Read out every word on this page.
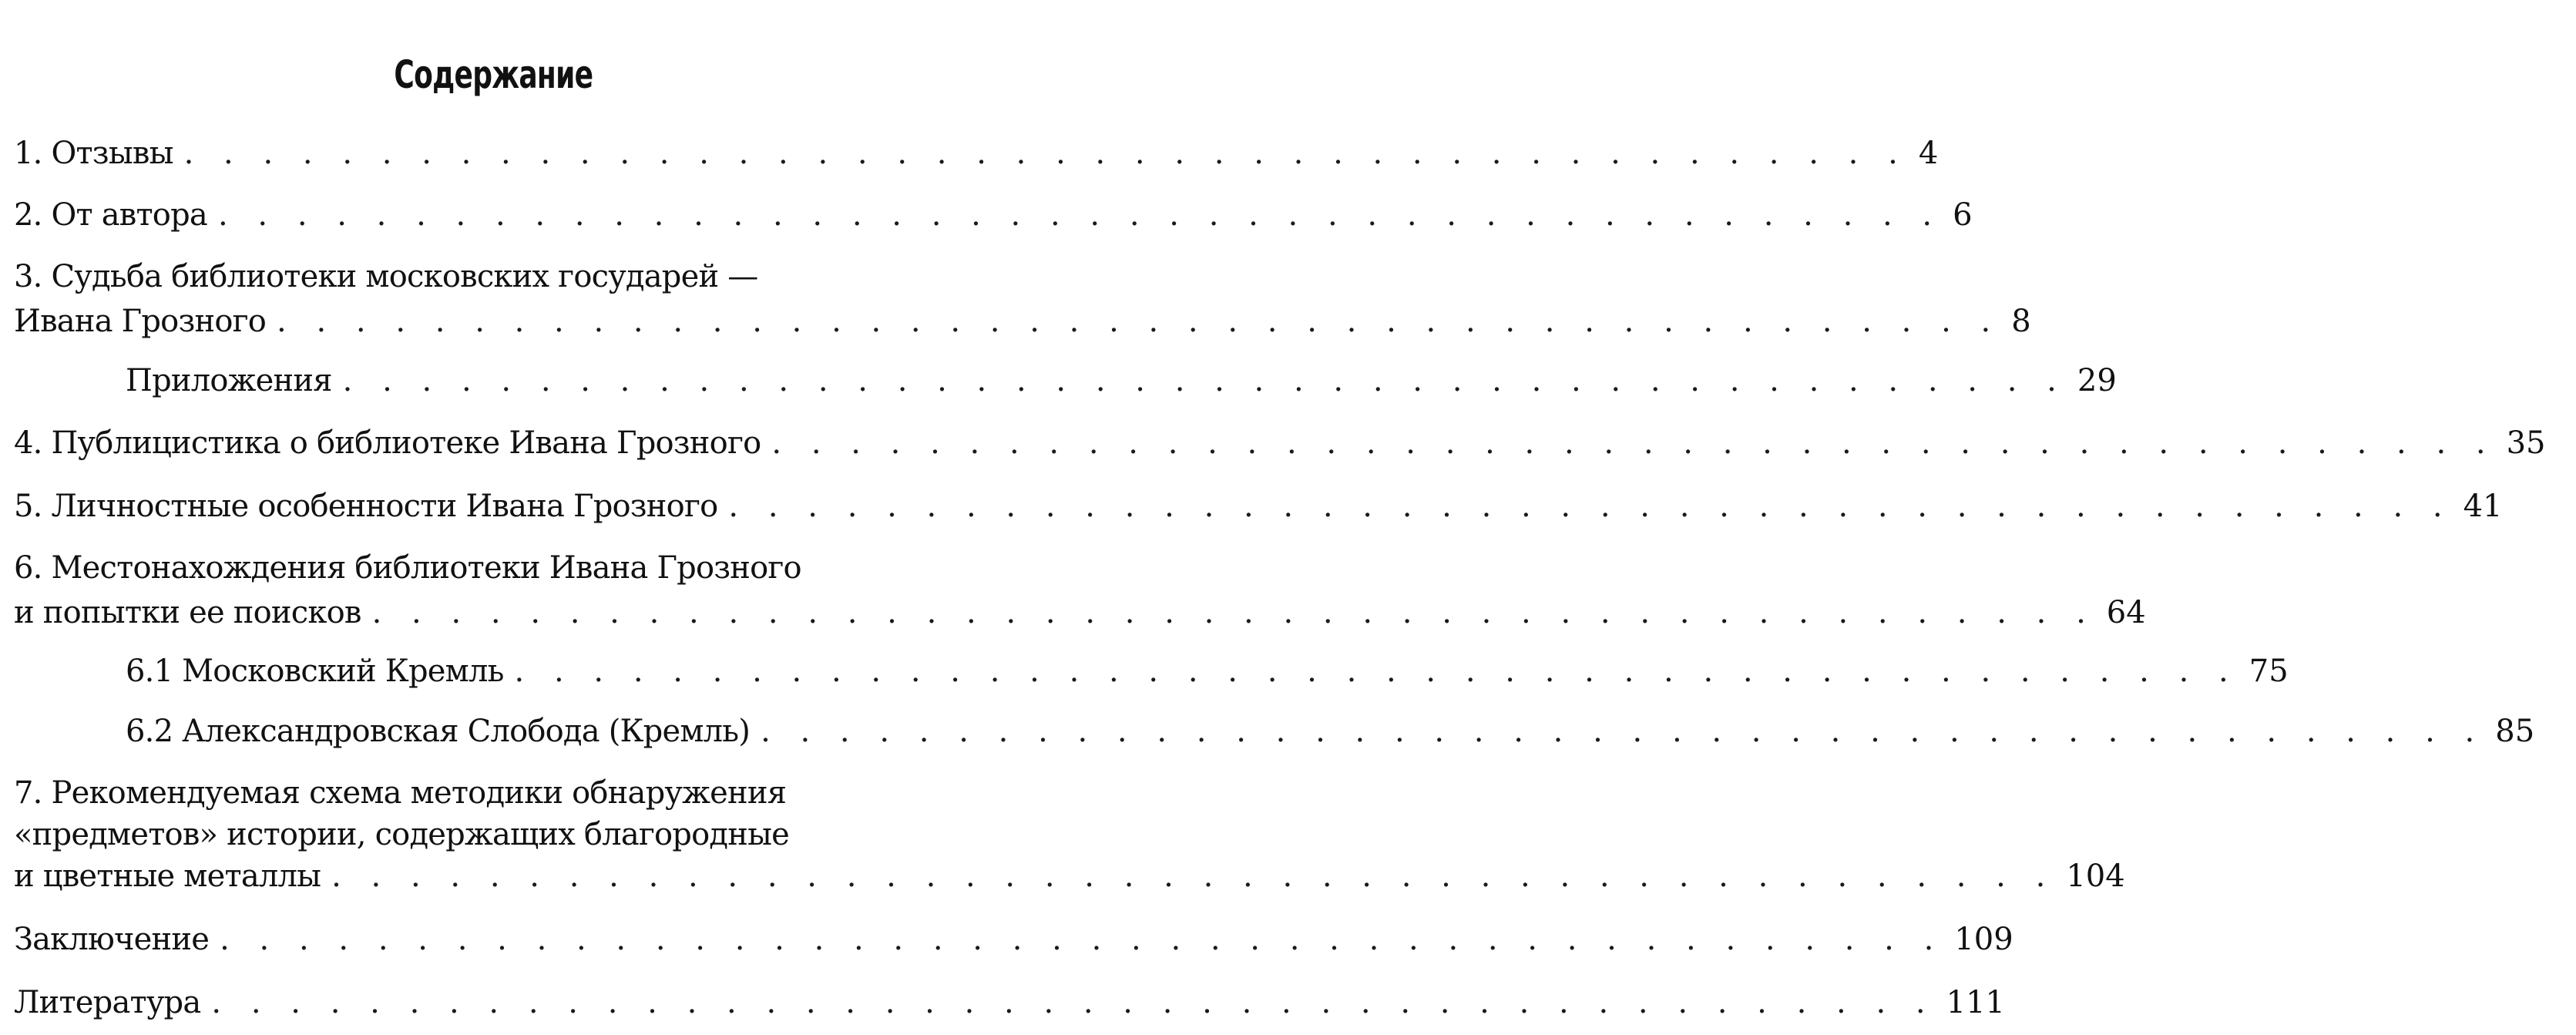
Содержание
1. Отзывы . . . . . . . . . . . . . . . . . . . . . . . . . . . . . . . . . . . . . . . . . . . . 4
2. От автора . . . . . . . . . . . . . . . . . . . . . . . . . . . . . . . . . . . . . . . . . . . . 6
3. Судьба библиотеки московских государей —
Ивана Грозного . . . . . . . . . . . . . . . . . . . . . . . . . . . . . . . . . . . . . . . . . . . . 8
Приложения . . . . . . . . . . . . . . . . . . . . . . . . . . . . . . . . . . . . . . . . . . . . 29
4. Публицистика о библиотеке Ивана Грозного . . . . . . . . . . . . . . . . . . . . . . . . . . . . . . . . . . . . . . . . . . . . 35
5. Личностные особенности Ивана Грозного . . . . . . . . . . . . . . . . . . . . . . . . . . . . . . . . . . . . . . . . . . . . 41
6. Местонахождения библиотеки Ивана Грозного
и попытки ее поисков . . . . . . . . . . . . . . . . . . . . . . . . . . . . . . . . . . . . . . . . . . . . 64
6.1 Московский Кремль . . . . . . . . . . . . . . . . . . . . . . . . . . . . . . . . . . . . . . . . . . . . 75
6.2 Александровская Слобода (Кремль) . . . . . . . . . . . . . . . . . . . . . . . . . . . . . . . . . . . . . . . . . . . . 85
7. Рекомендуемая схема методики обнаружения
«предметов» истории, содержащих благородные
и цветные металлы . . . . . . . . . . . . . . . . . . . . . . . . . . . . . . . . . . . . . . . . . . . . 104
Заключение . . . . . . . . . . . . . . . . . . . . . . . . . . . . . . . . . . . . . . . . . . . . 109
Литература . . . . . . . . . . . . . . . . . . . . . . . . . . . . . . . . . . . . . . . . . . . . 111
